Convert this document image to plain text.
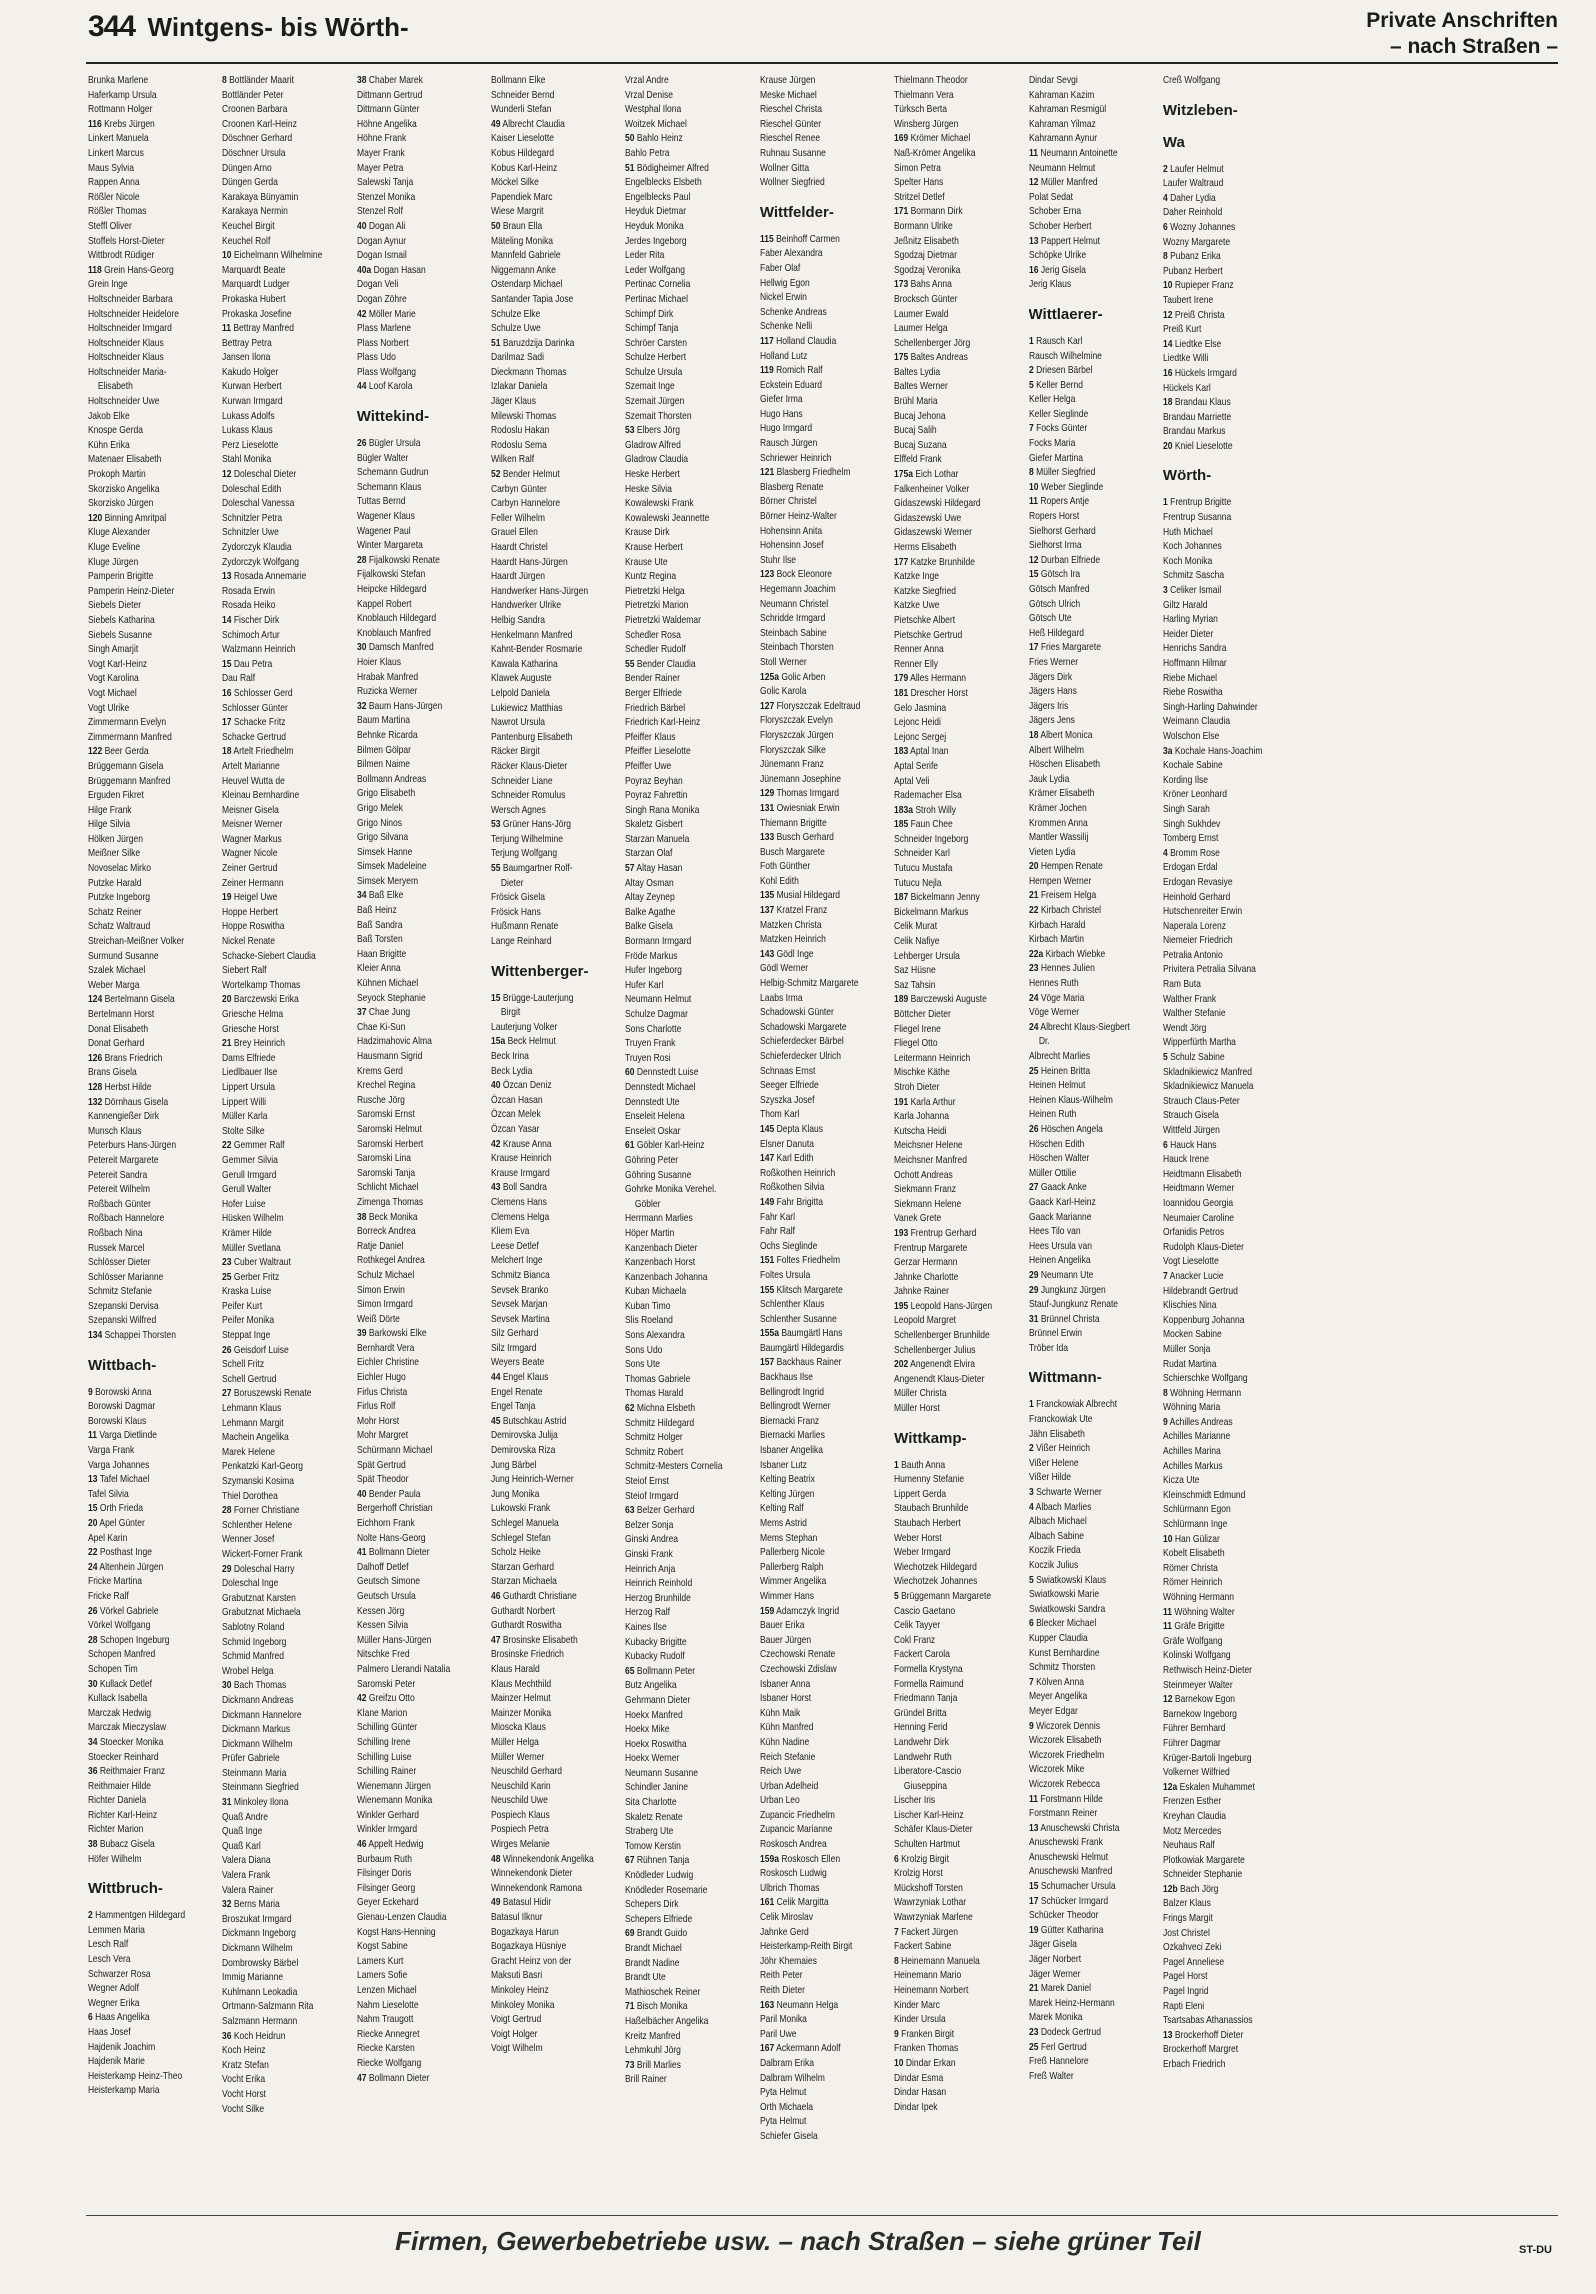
344 Wintgens- bis Wörth-	Private Anschriften
– nach Straßen –
Brunka Marlene
Haferkamp Ursula
Rottmann Holger
116 Krebs Jürgen
Linkert Manuela
Linkert Marcus
Maus Sylvia
Rappen Anna
Rößler Nicole
Rößler Thomas
Steffl Oliver
Stoffels Horst-Dieter
Wittbrodt Rüdiger
118 Grein Hans-Georg
Grein Inge
Holtschneider Barbara
Holtschneider Heidelore
Holtschneider Irmgard
Holtschneider Klaus
Holtschneider Klaus
Holtschneider Maria-
Elisabeth
Holtschneider Uwe
Jakob Elke
Knospe Gerda
Kühn Erika
Matenaer Elisabeth
Prokoph Martin
Skorzisko Angelika
Skorzisko Jürgen
120 Binning Amritpal
Kluge Alexander
Kluge Eveline
Kluge Jürgen
Pamperin Brigitte
Pamperin Heinz-Dieter
Siebels Dieter
Siebels Katharina
Siebels Susanne
Singh Amarjit
Vogt Karl-Heinz
Vogt Karolina
Vogt Michael
Vogt Ulrike
Zimmermann Evelyn
Zimmermann Manfred
122 Beer Gerda
Brüggemann Gisela
Brüggemann Manfred
Erguden Fikret
Hilge Frank
Hilge Silvia
Hölken Jürgen
Meißner Silke
Novoselac Mirko
Putzke Harald
Putzke Ingeborg
Schatz Reiner
Schatz Waltraud
Streichan-Meißner Volker
Surmund Susanne
Szalek Michael
Weber Marga
124 Bertelmann Gisela
Bertelmann Horst
Donat Elisabeth
Donat Gerhard
126 Brans Friedrich
Brans Gisela
128 Herbst Hilde
132 Dörnhaus Gisela
Kannengießer Dirk
Munsch Klaus
Peterburs Hans-Jürgen
Petereit Margarete
Petereit Sandra
Petereit Wilhelm
Roßbach Günter
Roßbach Hannelore
Roßbach Nina
Russek Marcel
Schlösser Dieter
Schlösser Marianne
Schmitz Stefanie
Szepanski Dervisa
Szepanski Wilfred
134 Schappei Thorsten
Wittbach-
9 Borowski Anna
Borowski Dagmar
Borowski Klaus
11 Varga Dietlinde
Varga Frank
Varga Johannes
13 Tafel Michael
Tafel Silvia
15 Orth Frieda
20 Apel Günter
Apel Karin
22 Posthast Inge
24 Altenhein Jürgen
Fricke Martina
Fricke Ralf
26 Vörkel Gabriele
Vörkel Wolfgang
28 Schopen Ingeburg
Schopen Manfred
Schopen Tim
30 Kullack Detlef
Kullack Isabella
Marczak Hedwig
Marczak Mieczyslaw
34 Stoecker Monika
Stoecker Reinhard
36 Reithmaier Franz
Reithmaier Hilde
Richter Daniela
Richter Karl-Heinz
Richter Marion
38 Bubacz Gisela
Höfer Wilhelm
Wittbruch-
2 Hammentgen Hildegard
Lemmen Maria
Lesch Ralf
Lesch Vera
Schwarzer Rosa
Wegner Adolf
Wegner Erika
6 Haas Angelika
Haas Josef
Hajdenik Joachim
Hajdenik Marie
Heisterkamp Heinz-Theo
Heisterkamp Maria
8 Bottländer Maarit
Bottländer Peter
Croonen Barbara
Croonen Karl-Heinz
Döschner Gerhard
Döschner Ursula
Düngen Arno
Düngen Gerda
Karakaya Bünyamin
Karakaya Nermin
Keuchel Birgit
Keuchel Rolf
10 Eichelmann Wilhelmine
Marquardt Beate
Marquardt Ludger
Prokaska Hubert
Prokaska Josefine
11 Bettray Manfred
Bettray Petra
Jansen Ilona
Kakudo Holger
Kurwan Herbert
Kurwan Irmgard
Lukass Adolfs
Lukass Klaus
Perz Lieselotte
Stahl Monika
12 Doleschal Dieter
Doleschal Edith
Doleschal Vanessa
Schnitzler Petra
Schnitzler Uwe
Zydorczyk Klaudia
Zydorczyk Wolfgang
13 Rosada Annemarie
Rosada Erwin
Rosada Heiko
14 Fischer Dirk
Schimoch Artur
Walzmann Heinrich
15 Dau Petra
Dau Ralf
16 Schlosser Gerd
Schlosser Günter
17 Schacke Fritz
Schacke Gertrud
18 Artelt Friedhelm
Artelt Marianne
Heuvel Wutta de
Kleinau Bernhardine
Meisner Gisela
Meisner Werner
Wagner Markus
Wagner Nicole
Zeiner Gertrud
Zeiner Hermann
19 Heigel Uwe
Hoppe Herbert
Hoppe Roswitha
Nickel Renate
Schacke-Siebert Claudia
Siebert Ralf
Wortelkamp Thomas
20 Barczewski Erika
Griesche Helma
Griesche Horst
21 Brey Heinrich
Dams Elfriede
Liedlbauer Ilse
Lippert Ursula
Lippert Willi
Müller Karla
Stolte Silke
22 Gemmer Ralf
Gemmer Silvia
Gerull Irmgard
Gerull Walter
Hofer Luise
Hüsken Wilhelm
Krämer Hilde
Müller Svetlana
23 Cuber Waltraut
25 Gerber Fritz
Kraska Luise
Peifer Kurt
Peifer Monika
Steppat Inge
26 Geisdorf Luise
Schell Fritz
Schell Gertrud
27 Boruszewski Renate
Lehmann Klaus
Lehmann Margit
Machein Angelika
Marek Helene
Penkatzki Karl-Georg
Szymanski Kosima
Thiel Dorothea
28 Forner Christiane
Schlenther Helene
Wenner Josef
Wickert-Forner Frank
29 Doleschal Harry
Doleschal Inge
Grabutznat Karsten
Grabutznat Michaela
Sablotny Roland
Schmid Ingeborg
Schmid Manfred
Wrobel Helga
30 Bach Thomas
Dickmann Andreas
Dickmann Hannelore
Dickmann Markus
Dickmann Wilhelm
Prüfer Gabriele
Steinmann Maria
Steinmann Siegfried
31 Minkoley Ilona
Quaß Andre
Quaß Inge
Quaß Karl
Valera Diana
Valera Frank
Valera Rainer
32 Berns Maria
Broszukat Irmgard
Dickmann Ingeborg
Dickmann Wilhelm
Dombrowsky Bärbel
Immig Marianne
Kuhlmann Leokadia
Ortmann-Salzmann Rita
Salzmann Hermann
36 Koch Heidrun
Koch Heinz
Kratz Stefan
Vocht Erika
Vocht Horst
Vocht Silke
38 Chaber Marek
Dittmann Gertrud
Dittmann Günter
Höhne Angelika
Höhne Frank
Mayer Frank
Mayer Petra
Salewski Tanja
Stenzel Monika
Stenzel Rolf
40 Dogan Ali
Dogan Aynur
Dogan Ismail
40a Dogan Hasan
Dogan Veli
Dogan Zöhre
42 Möller Marie
Plass Marlene
Plass Norbert
Plass Udo
Plass Wolfgang
44 Loof Karola
Wittekind-
26 Bügler Ursula
Bügler Walter
Schemann Gudrun
Schemann Klaus
Tuttas Bernd
Wagener Klaus
Wagener Paul
Winter Margareta
28 Fijalkowski Renate
Fijalkowski Stefan
Heipcke Hildegard
Kappel Robert
Knoblauch Hildegard
Knoblauch Manfred
30 Damsch Manfred
Hoier Klaus
Hrabak Manfred
Ruzicka Werner
32 Baum Hans-Jürgen
Baum Martina
Behnke Ricarda
Bilmen Gölpar
Bilmen Naime
Bollmann Andreas
Grigo Elisabeth
Grigo Melek
Grigo Ninos
Grigo Silvana
Simsek Hanne
Simsek Madeleine
Simsek Meryem
34 Baß Elke
Baß Heinz
Baß Sandra
Baß Torsten
Haan Brigitte
Kleier Anna
Kühnen Michael
Seyock Stephanie
37 Chae Jung
Chae Ki-Sun
Hadzimahovic Alma
Hausmann Sigrid
Krems Gerd
Krechel Regina
Rusche Jörg
Saromski Ernst
Saromski Helmut
Saromski Herbert
Saromski Lina
Saromski Tanja
Schlicht Michael
Zimenga Thomas
38 Beck Monika
Borreck Andrea
Ratje Daniel
Rothkegel Andrea
Schulz Michael
Simon Erwin
Simon Irmgard
Weiß Dörte
39 Barkowski Elke
Bernhardt Vera
Eichler Christine
Eichler Hugo
Firlus Christa
Firlus Rolf
Mohr Horst
Mohr Margret
Schürmann Michael
Spät Gertrud
Spät Theodor
40 Bender Paula
Bergerhoff Christian
Eichhorn Frank
Nolte Hans-Georg
41 Bollmann Dieter
Dalhoff Detlef
Geutsch Simone
Geutsch Ursula
Kessen Jörg
Kessen Silvia
Müller Hans-Jürgen
Nitschke Fred
Palmero Llerandi Natalia
Saromski Peter
42 Greifzu Otto
Klane Marion
Schilling Günter
Schilling Irene
Schilling Luise
Schilling Rainer
Wienemann Jürgen
Wienemann Monika
Winkler Gerhard
Winkler Irmgard
46 Appelt Hedwig
Burbaum Ruth
Filsinger Doris
Filsinger Georg
Geyer Eckehard
Gienau-Lenzen Claudia
Kogst Hans-Henning
Kogst Sabine
Lamers Kurt
Lamers Sofie
Lenzen Michael
Nahm Lieselotte
Nahm Traugott
Riecke Annegret
Riecke Karsten
Riecke Wolfgang
47 Bollmann Dieter
Bollmann Elke
Schneider Bernd
Wunderli Stefan
49 Albrecht Claudia
Kaiser Lieselotte
Kobus Hildegard
Kobus Karl-Heinz
Möckel Silke
Papendiek Marc
Wiese Margrit
50 Braun Ella
Mäteling Monika
Mannfeld Gabriele
Niggemann Anke
Ostendarp Michael
Santander Tapia Jose
Schulze Elke
Schulze Uwe
51 Baruzdzija Darinka
Darilmaz Sadi
Dieckmann Thomas
Izlakar Daniela
Jäger Klaus
Milewski Thomas
Rodoslu Hakan
Rodoslu Sema
Wilken Ralf
52 Bender Helmut
Carbyn Günter
Carbyn Hannelore
Feller Wilhelm
Grauel Ellen
Haardt Christel
Haardt Hans-Jürgen
Haardt Jürgen
Handwerker Hans-Jürgen
Handwerker Ulrike
Helbig Sandra
Henkelmann Manfred
Kahnt-Bender Rosmarie
Kawala Katharina
Klawek Auguste
Lelpold Daniela
Lukiewicz Matthias
Nawrot Ursula
Pantenburg Elisabeth
Räcker Birgit
Räcker Klaus-Dieter
Schneider Liane
Schneider Romulus
Wersch Agnes
53 Grüner Hans-Jörg
Terjung Wilhelmine
Terjung Wolfgang
55 Baumgartner Rolf-
Dieter
Frösick Gisela
Frösick Hans
Hußmann Renate
Lange Reinhard
Wittenberger-
15 Brügge-Lauterjung
Birgit
Lauterjung Volker
15a Beck Helmut
Beck Irina
Beck Lydia
40 Özcan Deniz
Özcan Hasan
Özcan Melek
Özcan Yasar
42 Krause Anna
Krause Heinrich
Krause Irmgard
43 Boll Sandra
Clemens Hans
Clemens Helga
Kliem Eva
Leese Detlef
Melchert Inge
Schmitz Bianca
Sevsek Branko
Sevsek Marjan
Sevsek Martina
Silz Gerhard
Silz Irmgard
Weyers Beate
44 Engel Klaus
Engel Renate
Engel Tanja
45 Butschkau Astrid
Demirovska Julija
Demirovska Riza
Jung Bärbel
Jung Heinrich-Werner
Jung Monika
Lukowski Frank
Schlegel Manuela
Schlegel Stefan
Scholz Heike
Starzan Gerhard
Starzan Michaela
46 Guthardt Christiane
Guthardt Norbert
Guthardt Roswitha
47 Brosinske Elisabeth
Brosinske Friedrich
Klaus Harald
Klaus Mechthild
Mainzer Helmut
Mainzer Monika
Mioscka Klaus
Müller Helga
Müller Werner
Neuschild Gerhard
Neuschild Karin
Neuschild Uwe
Pospiech Klaus
Pospiech Petra
Wirges Melanie
48 Winnekendonk Angelika
Winnekendonk Dieter
Winnekendonk Ramona
49 Batasul Hidir
Batasul Ilknur
Bogazkaya Harun
Bogazkaya Hüsniye
Gracht Heinz von der
Maksuti Basri
Minkoley Heinz
Minkoley Monika
Voigt Gertrud
Voigt Holger
Voigt Wilhelm
Vrzal Andre
Vrzal Denise
Westphal Ilona
Woitzek Michael
50 Bahlo Heinz
Bahlo Petra
51 Bödigheimer Alfred
Engelblecks Elsbeth
Engelblecks Paul
Heyduk Dietmar
Heyduk Monika
Jerdes Ingeborg
Leder Rita
Leder Wolfgang
Pertinac Cornelia
Pertinac Michael
Schimpf Dirk
Schimpf Tanja
Schröer Carsten
Schulze Herbert
Schulze Ursula
Szemait Inge
Szemait Jürgen
Szemait Thorsten
53 Elbers Jörg
Gladrow Alfred
Gladrow Claudia
Heske Herbert
Heske Silvia
Kowalewski Frank
Kowalewski Jeannette
Krause Dirk
Krause Herbert
Krause Ute
Kuntz Regina
Pietretzki Helga
Pietretzki Marion
Pietretzki Waldemar
Schedler Rosa
Schedler Rudolf
55 Bender Claudia
Bender Rainer
Berger Elfriede
Friedrich Bärbel
Friedrich Karl-Heinz
Pfeiffer Klaus
Pfeiffer Lieselotte
Pfeiffer Uwe
Poyraz Beyhan
Poyraz Fahrettin
Singh Rana Monika
Skaletz Gisbert
Starzan Manuela
Starzan Olaf
57 Altay Hasan
Altay Osman
Altay Zeynep
Balke Agathe
Balke Gisela
Bormann Irmgard
Fröde Markus
Hufer Ingeborg
Hufer Karl
Neumann Helmut
Schulze Dagmar
Sons Charlotte
Truyen Frank
Truyen Rosi
60 Dennstedt Luise
Dennstedt Michael
Dennstedt Ute
Enseleit Helena
Enseleit Oskar
61 Göbler Karl-Heinz
Göhring Peter
Göhring Susanne
Gohrke Monika Verehel.
Göbler
Herrmann Marlies
Höper Martin
Kanzenbach Dieter
Kanzenbach Horst
Kanzenbach Johanna
Kuban Michaela
Kuban Timo
Slis Roeland
Sons Alexandra
Sons Udo
Sons Ute
Thomas Gabriele
Thomas Harald
62 Michna Elsbeth
Schmitz Hildegard
Schmitz Holger
Schmitz Robert
Schmitz-Mesters Cornelia
Steiof Ernst
Steiof Irmgard
63 Belzer Gerhard
Belzer Sonja
Ginski Andrea
Ginski Frank
Heinrich Anja
Heinrich Reinhold
Herzog Brunhilde
Herzog Ralf
Kaines Ilse
Kubacky Brigitte
Kubacky Rudolf
65 Bollmann Peter
Butz Angelika
Gehrmann Dieter
Hoekx Manfred
Hoekx Mike
Hoekx Roswitha
Hoekx Werner
Neumann Susanne
Schindler Janine
Sita Charlotte
Skaletz Renate
Straberg Ute
Tomow Kerstin
67 Rühnen Tanja
Knödleder Ludwig
Knödleder Rosemarie
Schepers Dirk
Schepers Elfriede
69 Brandt Guido
Brandt Michael
Brandt Nadine
Brandt Ute
Mathioschek Reiner
71 Bisch Monika
Haßelbächer Angelika
Kreitz Manfred
Lehmkuhl Jörg
73 Brill Marlies
Brill Rainer
Krause Jürgen
Meske Michael
Rieschel Christa
Rieschel Günter
Rieschel Renee
Ruhnau Susanne
Wollner Gitta
Wollner Siegfried
Wittfelder-
115 Beinhoff Carmen
Faber Alexandra
Faber Olaf
Hellwig Egon
Nickel Erwin
Schenke Andreas
Schenke Nelli
117 Holland Claudia
Holland Lutz
119 Romich Ralf
Eckstein Eduard
Giefer Irma
Hugo Hans
Hugo Irmgard
Rausch Jürgen
Schriewer Heinrich
121 Blasberg Friedhelm
Blasberg Renate
Börner Christel
Börner Heinz-Walter
Hohensinn Anita
Hohensinn Josef
Stuhr Ilse
123 Bock Eleonore
Hegemann Joachim
Neumann Christel
Schridde Irmgard
Steinbach Sabine
Steinbach Thorsten
Stoll Werner
125a Golic Arben
Golic Karola
127 Floryszczak Edeltraud
Floryszczak Evelyn
Floryszczak Jürgen
Floryszczak Silke
Jünemann Franz
Jünemann Josephine
129 Thomas Irmgard
131 Owiesniak Erwin
Thiemann Brigitte
133 Busch Gerhard
Busch Margarete
Foth Günther
Kohl Edith
135 Musial Hildegard
137 Kratzel Franz
Matzken Christa
Matzken Heinrich
143 Gödl Inge
Gödl Werner
Helbig-Schmitz Margarete
Laabs Irma
Schadowski Günter
Schadowski Margarete
Schieferdecker Bärbel
Schieferdecker Ulrich
Schnaas Ernst
Seeger Elfriede
Szyszka Josef
Thom Karl
145 Depta Klaus
Elsner Danuta
147 Karl Edith
Roßkothen Heinrich
Roßkothen Silvia
149 Fahr Brigitta
Fahr Karl
Fahr Ralf
Ochs Sieglinde
151 Foltes Friedhelm
Foltes Ursula
155 Klitsch Margarete
Schlenther Klaus
Schlenther Susanne
155a Baumgärtl Hans
Baumgärtl Hildegardis
157 Backhaus Rainer
Backhaus Ilse
Bellingrodt Ingrid
Bellingrodt Werner
Biernacki Franz
Biernacki Marlies
Isbaner Angelika
Isbaner Lutz
Kelting Beatrix
Kelting Jürgen
Kelting Ralf
Mems Astrid
Mems Stephan
Pallerberg Nicole
Pallerberg Ralph
Wimmer Angelika
Wimmer Hans
159 Adamczyk Ingrid
Bauer Erika
Bauer Jürgen
Czechowski Renate
Czechowski Zdislaw
Isbaner Anna
Isbaner Horst
Kühn Maik
Kühn Manfred
Kühn Nadine
Reich Stefanie
Reich Uwe
Urban Adelheid
Urban Leo
Zupancic Friedhelm
Zupancic Marianne
Roskosch Andrea
159a Roskosch Ellen
Roskosch Ludwig
Ulbrich Thomas
161 Celik Margitta
Celik Miroslav
Jahnke Gerd
Heisterkamp-Reith Birgit
Jöhr Khemaies
Reith Peter
Reith Dieter
163 Neumann Helga
Paril Monika
Paril Uwe
167 Ackermann Adolf
Dalbram Erika
Dalbram Wilhelm
Pyta Helmut
Orth Michaela
Pyta Helmut
Schiefer Gisela
Thielmann Theodor
Thielmann Vera
Türksch Berta
Winsberg Jürgen
169 Krömer Michael
Naß-Krömer Angelika
Simon Petra
Spelter Hans
Stritzel Detlef
171 Bormann Dirk
Bormann Ulrike
Jeßnitz Elisabeth
Sgodzaj Dietmar
Sgodzaj Veronika
173 Bahs Anna
Brocksch Günter
Laumer Ewald
Laumer Helga
Schellenberger Jörg
175 Baltes Andreas
Baltes Lydia
Baltes Werner
Brühl Maria
Bucaj Jehona
Bucaj Salih
Bucaj Suzana
Elffeld Frank
175a Eich Lothar
Falkenheiner Volker
Gidaszewski Hildegard
Gidaszewski Uwe
Gidaszewski Werner
Herms Elisabeth
177 Katzke Brunhilde
Katzke Inge
Katzke Siegfried
Katzke Uwe
Pietschke Albert
Pietschke Gertrud
Renner Anna
Renner Elly
179 Alles Hermann
181 Drescher Horst
Gelo Jasmina
Lejonc Heidi
Lejonc Sergej
183 Aptal Inan
Aptal Serife
Aptal Veli
Rademacher Elsa
183a Stroh Willy
185 Faun Chee
Schneider Ingeborg
Schneider Karl
Tutucu Mustafa
Tutucu Nejla
187 Bickelmann Jenny
Bickelmann Markus
Celik Murat
Celik Nafiye
Lehberger Ursula
Saz Hüsne
Saz Tahsin
189 Barczewski Auguste
Böttcher Dieter
Fliegel Irene
Fliegel Otto
Leitermann Heinrich
Mischke Käthe
Stroh Dieter
191 Karla Arthur
Karla Johanna
Kutscha Heidi
Meichsner Helene
Meichsner Manfred
Ochott Andreas
Siekmann Franz
Siekmann Helene
Vanek Grete
193 Frentrup Gerhard
Frentrup Margarete
Gerzar Hermann
Jahnke Charlotte
Jahnke Rainer
195 Leopold Hans-Jürgen
Leopold Margret
Schellenberger Brunhilde
Schellenberger Julius
202 Angenendt Elvira
Angenendt Klaus-Dieter
Müller Christa
Müller Horst
Wittkamp-
1 Bauth Anna
Humenny Stefanie
Lippert Gerda
Staubach Brunhilde
Staubach Herbert
Weber Horst
Weber Irmgard
Wiechotzek Hildegard
Wiechotzek Johannes
5 Brüggemann Margarete
Cascio Gaetano
Celik Tayyer
Cokl Franz
Fackert Carola
Formella Krystyna
Formella Raimund
Friedmann Tanja
Gründel Britta
Henning Ferid
Landwehr Dirk
Landwehr Ruth
Liberatore-Cascio
Giuseppina
Lischer Iris
Lischer Karl-Heinz
Schäfer Klaus-Dieter
Schulten Hartmut
6 Krolzig Birgit
Krolzig Horst
Mückshoff Torsten
Wawrzyniak Lothar
Wawrzyniak Marlene
7 Fackert Jürgen
Fackert Sabine
8 Heinemann Manuela
Heinemann Mario
Heinemann Norbert
Kinder Marc
Kinder Ursula
9 Franken Birgit
Franken Thomas
10 Dindar Erkan
Dindar Esma
Dindar Hasan
Dindar Ipek
Dindar Sevgi
Kahraman Kazim
Kahraman Resmigül
Kahraman Yilmaz
Kahramann Aynur
11 Neumann Antoinette
Neumann Helmut
12 Müller Manfred
Polat Sedat
Schober Erna
Schober Herbert
13 Pappert Helmut
Schöpke Ulrike
16 Jerig Gisela
Jerig Klaus
Wittlaerer-
1 Rausch Karl
Rausch Wilhelmine
2 Driesen Bärbel
5 Keller Bernd
Keller Helga
Keller Sieglinde
7 Focks Günter
Focks Maria
Giefer Martina
8 Müller Siegfried
10 Weber Sieglinde
11 Ropers Antje
Ropers Horst
Sielhorst Gerhard
Sielhorst Irma
12 Durban Elfriede
15 Götsch Ira
Götsch Manfred
Götsch Ulrich
Götsch Ute
Heß Hildegard
17 Fries Margarete
Fries Werner
Jägers Dirk
Jägers Hans
Jägers Iris
Jägers Jens
18 Albert Monica
Albert Wilhelm
Höschen Elisabeth
Jauk Lydia
Krämer Elisabeth
Krämer Jochen
Krommen Anna
Mantler Wassilij
Vieten Lydia
20 Hempen Renate
Hempen Werner
21 Freisem Helga
22 Kirbach Christel
Kirbach Harald
Kirbach Martin
22a Kirbach Wiebke
23 Hennes Julien
Hennes Ruth
24 Vöge Maria
Vöge Werner
24 Albrecht Klaus-Siegbert
Dr.
Albrecht Marlies
25 Heinen Britta
Heinen Helmut
Heinen Klaus-Wilhelm
Heinen Ruth
26 Höschen Angela
Höschen Edith
Höschen Walter
Müller Ottilie
27 Gaack Anke
Gaack Karl-Heinz
Gaack Marianne
Hees Tilo van
Hees Ursula van
Heinen Angelika
29 Neumann Ute
29 Jungkunz Jürgen
Stauf-Jungkunz Renate
31 Brünnel Christa
Brünnel Erwin
Tröber Ida
Wittmann-
1 Franckowiak Albrecht
Franckowiak Ute
Jähn Elisabeth
2 Vißer Heinrich
Vißer Helene
Vißer Hilde
3 Schwarte Werner
4 Albach Marlies
Albach Michael
Albach Sabine
Koczik Frieda
Koczik Julius
5 Swiatkowski Klaus
Swiatkowski Marie
Swiatkowski Sandra
6 Blecker Michael
Kupper Claudia
Kunst Bernhardine
Schmitz Thorsten
7 Kölven Anna
Meyer Angelika
Meyer Edgar
9 Wiczorek Dennis
Wiczorek Elisabeth
Wiczorek Friedhelm
Wiczorek Mike
Wiczorek Rebecca
11 Forstmann Hilde
Forstmann Reiner
13 Anuschewski Christa
Anuschewski Frank
Anuschewski Helmut
Anuschewski Manfred
15 Schumacher Ursula
17 Schücker Irmgard
Schücker Theodor
19 Gütter Katharina
Jäger Gisela
Jäger Norbert
Jäger Werner
21 Marek Daniel
Marek Heinz-Hermann
Marek Monika
23 Dodeck Gertrud
25 Ferl Gertrud
Freß Hannelore
Freß Walter
Creß Wolfgang
Witzleben-
Wa
2 Laufer Helmut
Laufer Waltraud
4 Daher Lydia
Daher Reinhold
6 Wozny Johannes
Wozny Margarete
8 Pubanz Erika
Pubanz Herbert
10 Rupieper Franz
Taubert Irene
12 Preiß Christa
Preiß Kurt
14 Liedtke Else
Liedtke Willi
16 Hückels Irmgard
Hückels Karl
18 Brandau Klaus
Brandau Marriette
Brandau Markus
20 Kniel Lieselotte
Wörth-
1 Frentrup Brigitte
Frentrup Susanna
Huth Michael
Koch Johannes
Koch Monika
Schmitz Sascha
3 Celiker Ismail
Giltz Harald
Harling Myrian
Heider Dieter
Henrichs Sandra
Hoffmann Hilmar
Riebe Michael
Riebe Roswitha
Singh-Harling Dahwinder
Weimann Claudia
Wolschon Else
3a Kochale Hans-Joachim
Kochale Sabine
Kording Ilse
Kröner Leonhard
Singh Sarah
Singh Sukhdev
Tomberg Ernst
4 Bromm Rose
Erdogan Erdal
Erdogan Revasiye
Heinhold Gerhard
Hutschenreiter Erwin
Naperala Lorenz
Niemeier Friedrich
Petralia Antonio
Privitera Petralia Silvana
Ram Buta
Walther Frank
Walther Stefanie
Wendt Jörg
Wipperfürth Martha
5 Schulz Sabine
Skladnikiewicz Manfred
Skladnikiewicz Manuela
Strauch Claus-Peter
Strauch Gisela
Wittfeld Jürgen
6 Hauck Hans
Hauck Irene
Heidtmann Elisabeth
Heidtmann Werner
Ioannidou Georgia
Neumaier Caroline
Orfanidis Petros
Rudolph Klaus-Dieter
Vogt Lieselotte
7 Anacker Lucie
Hildebrandt Gertrud
Klischies Nina
Koppenburg Johanna
Mocken Sabine
Müller Sonja
Rudat Martina
Schierschke Wolfgang
8 Wöhning Hermann
Wöhning Maria
9 Achilles Andreas
Achilles Marianne
Achilles Marina
Achilles Markus
Kicza Ute
Kleinschmidt Edmund
Schlürmann Egon
Schlürmann Inge
10 Han Gülizar
Kobelt Elisabeth
Römer Christa
Römer Heinrich
Wöhning Hermann
11 Wöhning Walter
11 Gräfe Brigitte
Gräfe Wolfgang
Kolinski Wolfgang
Rethwisch Heinz-Dieter
Steinmeyer Walter
12 Barnekow Egon
Barnekow Ingeborg
Führer Bernhard
Führer Dagmar
Krüger-Bartoli Ingeburg
Volkerner Wilfried
12a Eskalen Muhammet
Frenzen Esther
Kreyhan Claudia
Motz Mercedes
Neuhaus Ralf
Plotkowiak Margarete
Schneider Stephanie
12b Bach Jörg
Balzer Klaus
Frings Margit
Jost Christel
Ozkahveci Zeki
Pagel Anneliese
Pagel Horst
Pagel Ingrid
Rapti Eleni
Tsartsabas Athanassios
13 Brockerhoff Dieter
Brockerhoff Margret
Erbach Friedrich
Firmen, Gewerbebetriebe usw. – nach Straßen – siehe grüner Teil	ST-DU
